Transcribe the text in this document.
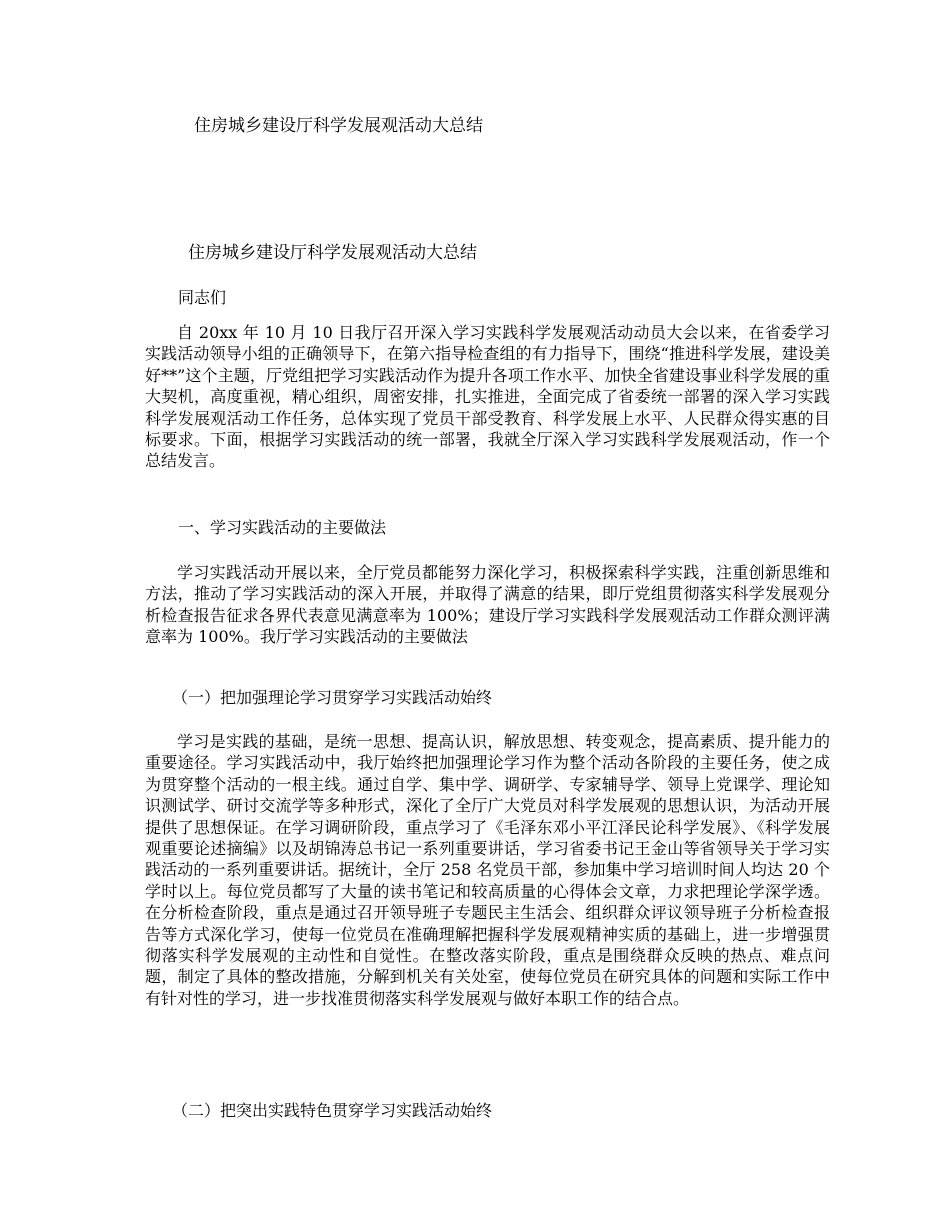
住房城乡建设厅科学发展观活动大总结
住房城乡建设厅科学发展观活动大总结
同志们

自 20xx 年 10 月 10 日我厅召开深入学习实践科学发展观活动动员大会以来，在省委学习实践活动领导小组的正确领导下，在第六指导检查组的有力指导下，围绕“推进科学发展，建设美好**”这个主题，厅党组把学习实践活动作为提升各项工作水平、加快全省建设事业科学发展的重大契机，高度重视，精心组织，周密安排，扎实推进，全面完成了省委统一部署的深入学习实践科学发展观活动工作任务，总体实现了党员干部受教育、科学发展上水平、人民群众得实惠的目标要求。下面，根据学习实践活动的统一部署，我就全厅深入学习实践科学发展观活动，作一个总结发言。

一、学习实践活动的主要做法

学习实践活动开展以来，全厅党员都能努力深化学习，积极探索科学实践，注重创新思维和方法，推动了学习实践活动的深入开展，并取得了满意的结果，即厅党组贯彻落实科学发展观分析检查报告征求各界代表意见满意率为 100%；建设厅学习实践科学发展观活动工作群众测评满意率为 100%。我厅学习实践活动的主要做法

（一）把加强理论学习贯穿学习实践活动始终

学习是实践的基础，是统一思想、提高认识，解放思想、转变观念，提高素质、提升能力的重要途径。学习实践活动中，我厅始终把加强理论学习作为整个活动各阶段的主要任务，使之成为贯穿整个活动的一根主线。通过自学、集中学、调研学、专家辅导学、领导上党课学、理论知识测试学、研讨交流学等多种形式，深化了全厅广大党员对科学发展观的思想认识，为活动开展提供了思想保证。在学习调研阶段，重点学习了《毛泽东邓小平江泽民论科学发展》、《科学发展观重要论述摘编》以及胡锦涛总书记一系列重要讲话，学习省委书记王金山等省领导关于学习实践活动的一系列重要讲话。据统计，全厅 258 名党员干部，参加集中学习培训时间人均达 20 个学时以上。每位党员都写了大量的读书笔记和较高质量的心得体会文章，力求把理论学深学透。在分析检查阶段，重点是通过召开领导班子专题民主生活会、组织群众评议领导班子分析检查报告等方式深化学习，使每一位党员在准确理解把握科学发展观精神实质的基础上，进一步增强贯彻落实科学发展观的主动性和自觉性。在整改落实阶段，重点是围绕群众反映的热点、难点问题，制定了具体的整改措施，分解到机关有关处室，使每位党员在研究具体的问题和实际工作中有针对性的学习，进一步找准贯彻落实科学发展观与做好本职工作的结合点。

（二）把突出实践特色贯穿学习实践活动始终
